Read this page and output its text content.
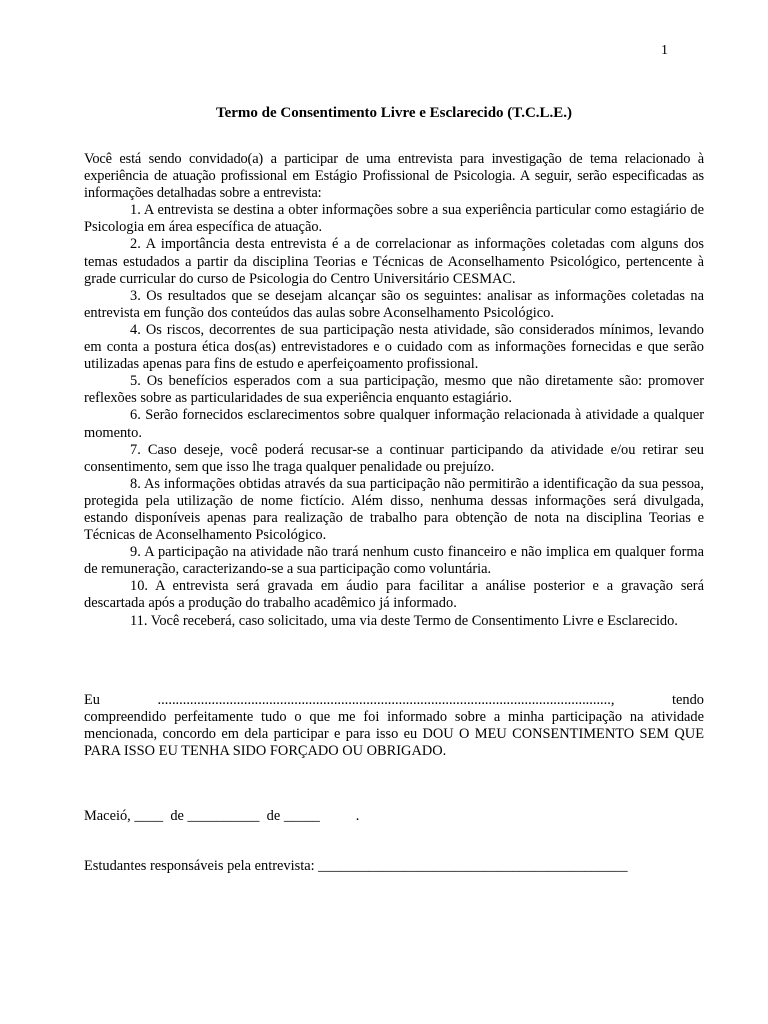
1
Termo de Consentimento Livre e Esclarecido (T.C.L.E.)

Você está sendo convidado(a) a participar de uma entrevista para investigação de tema relacionado à experiência de atuação profissional em Estágio Profissional de Psicologia. A seguir, serão especificadas as informações detalhadas sobre a entrevista:

1. A entrevista se destina a obter informações sobre a sua experiência particular como estagiário de Psicologia em área específica de atuação.

2. A importância desta entrevista é a de correlacionar as informações coletadas com alguns dos temas estudados a partir da disciplina Teorias e Técnicas de Aconselhamento Psicológico, pertencente à grade curricular do curso de Psicologia do Centro Universitário CESMAC.

3. Os resultados que se desejam alcançar são os seguintes: analisar as informações coletadas na entrevista em função dos conteúdos das aulas sobre Aconselhamento Psicológico.

4. Os riscos, decorrentes de sua participação nesta atividade, são considerados mínimos, levando em conta a postura ética dos(as) entrevistadores e o cuidado com as informações fornecidas e que serão utilizadas apenas para fins de estudo e aperfeiçoamento profissional.

5. Os benefícios esperados com a sua participação, mesmo que não diretamente são: promover reflexões sobre as particularidades de sua experiência enquanto estagiário.

6. Serão fornecidos esclarecimentos sobre qualquer informação relacionada à atividade a qualquer momento.

7. Caso deseje, você poderá recusar-se a continuar participando da atividade e/ou retirar seu consentimento, sem que isso lhe traga qualquer penalidade ou prejuízo.

8. As informações obtidas através da sua participação não permitirão a identificação da sua pessoa, protegida pela utilização de nome fictício. Além disso, nenhuma dessas informações será divulgada, estando disponíveis apenas para realização de trabalho para obtenção de nota na disciplina Teorias e Técnicas de Aconselhamento Psicológico.

9. A participação na atividade não trará nenhum custo financeiro e não implica em qualquer forma de remuneração, caracterizando-se a sua participação como voluntária.

10. A entrevista será gravada em áudio para facilitar a análise posterior e a gravação será descartada após a produção do trabalho acadêmico já informado.

11. Você receberá, caso solicitado, uma via deste Termo de Consentimento Livre e Esclarecido.

Eu	..............................................................................................................................,	tendo

compreendido perfeitamente tudo o que me foi informado sobre a minha participação na atividade mencionada, concordo em dela participar e para isso eu DOU O MEU CONSENTIMENTO SEM QUE PARA ISSO EU TENHA SIDO FORÇADO OU OBRIGADO.

Maceió, ____  de __________  de _____          .
Estudantes responsáveis pela entrevista: ___________________________________________
